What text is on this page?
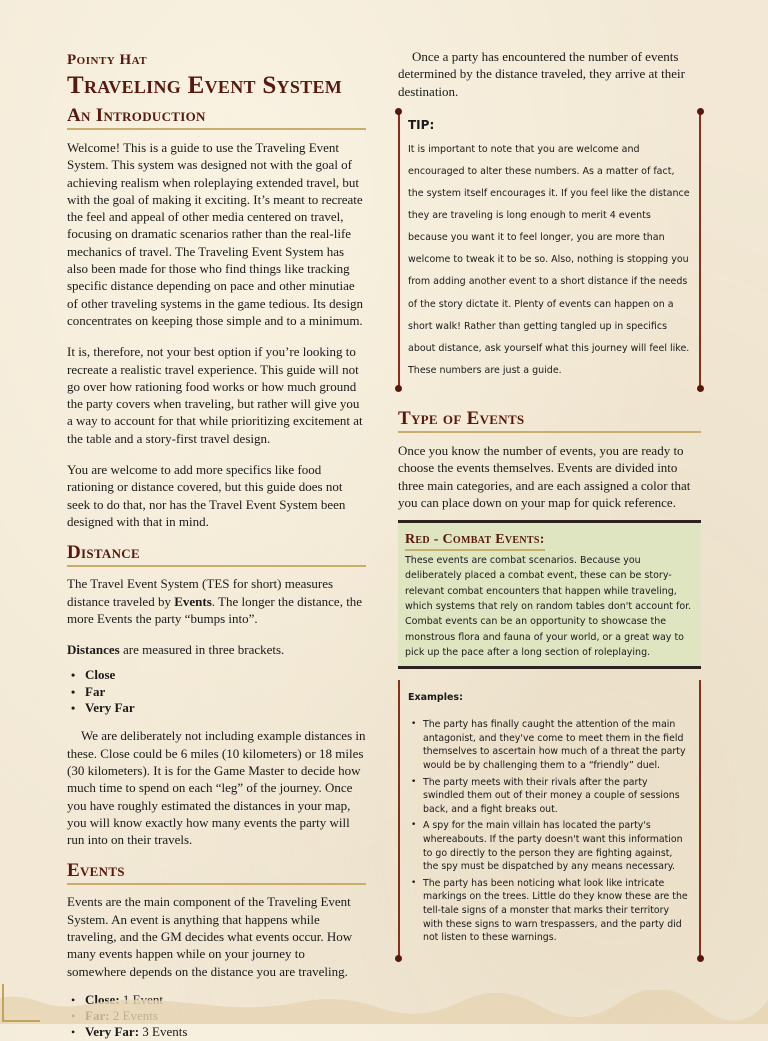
Pointy Hat
Traveling Event System
An Introduction

Welcome! This is a guide to use the Traveling Event System. This system was designed not with the goal of achieving realism when roleplaying extended travel, but with the goal of making it exciting. It’s meant to recreate the feel and appeal of other media centered on travel, focusing on dramatic scenarios rather than the real-life mechanics of travel. The Traveling Event System has also been made for those who find things like tracking specific distance depending on pace and other minutiae of other traveling systems in the game tedious. Its design concentrates on keeping those simple and to a minimum.

It is, therefore, not your best option if you’re looking to recreate a realistic travel experience. This guide will not go over how rationing food works or how much ground the party covers when traveling, but rather will give you a way to account for that while prioritizing excitement at the table and a story-first travel design.

You are welcome to add more specifics like food rationing or distance covered, but this guide does not seek to do that, nor has the Travel Event System been designed with that in mind.

Distance

The Travel Event System (TES for short) measures distance traveled by Events. The longer the distance, the more Events the party “bumps into”.

Distances are measured in three brackets.

• Close
• Far
• Very Far

We are deliberately not including example distances in these. Close could be 6 miles (10 kilometers) or 18 miles (30 kilometers). It is for the Game Master to decide how much time to spend on each “leg” of the journey. Once you have roughly estimated the distances in your map, you will know exactly how many events the party will run into on their travels.

Events

Events are the main component of the Traveling Event System. An event is anything that happens while traveling, and the GM decides what events occur. How many events happen while on your journey to somewhere depends on the distance you are traveling.

• Close: 1 Event
•
• Very Far: 3 Events

Once a party has encountered the number of events determined by the distance traveled, they arrive at their destination.

TIP:

It is important to note that you are welcome and encouraged to alter these numbers. As a matter of fact, the system itself encourages it. If you feel like the distance they are traveling is long enough to merit 4 events because you want it to feel longer, you are more than welcome to tweak it to be so. Also, nothing is stopping you from adding another event to a short distance if the needs of the story dictate it. Plenty of events can happen on a short walk! Rather than getting tangled up in specifics about distance, ask yourself what this journey will feel like. These numbers are just a guide.

Type of Events

Once you know the number of events, you are ready to choose the events themselves. Events are divided into three main categories, and are each assigned a color that you can place down on your map for quick reference.

Red - Combat Events:

These events are combat scenarios. Because you deliberately placed a combat event, these can be story-relevant combat encounters that happen while traveling, which systems that rely on random tables don't account for. Combat events can be an opportunity to showcase the monstrous flora and fauna of your world, or a great way to pick up the pace after a long section of roleplaying.

Examples:
• The party has finally caught the attention of the main antagonist, and they've come to meet them in the field themselves to ascertain how much of a threat the party would be by challenging them to a “friendly” duel.
• The party meets with their rivals after the party swindled them out of their money a couple of sessions back, and a fight breaks out.
• A spy for the main villain has located the party's whereabouts. If the party doesn't want this information to go directly to the person they are fighting against, the spy must be dispatched by any means necessary.
• The party has been noticing what look like intricate markings on the trees. Little do they know these are the tell-tale signs of a monster that marks their territory with these signs to warn trespassers, and the party did not listen to these warnings.
